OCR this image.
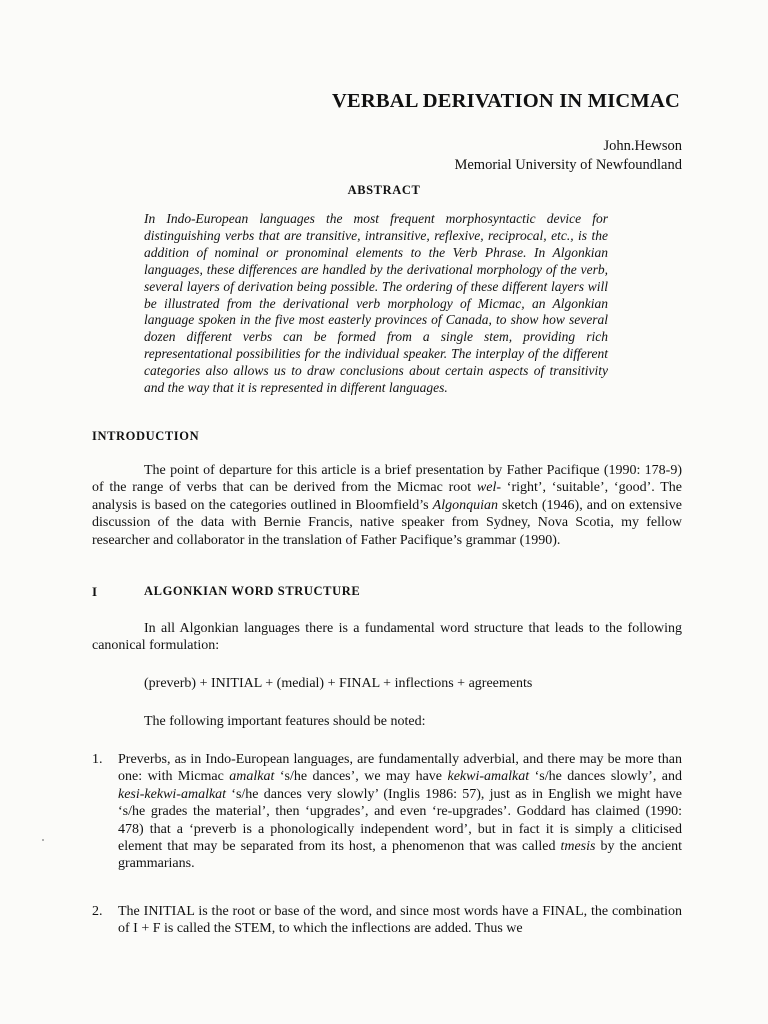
VERBAL DERIVATION IN MICMAC
John.Hewson
Memorial University of Newfoundland
ABSTRACT
In Indo-European languages the most frequent morphosyntactic device for distinguishing verbs that are transitive, intransitive, reflexive, reciprocal, etc., is the addition of nominal or pronominal elements to the Verb Phrase. In Algonkian languages, these differences are handled by the derivational morphology of the verb, several layers of derivation being possible. The ordering of these different layers will be illustrated from the derivational verb morphology of Micmac, an Algonkian language spoken in the five most easterly provinces of Canada, to show how several dozen different verbs can be formed from a single stem, providing rich representational possibilities for the individual speaker. The interplay of the different categories also allows us to draw conclusions about certain aspects of transitivity and the way that it is represented in different languages.
INTRODUCTION
The point of departure for this article is a brief presentation by Father Pacifique (1990: 178-9) of the range of verbs that can be derived from the Micmac root wel- ‘right’, ‘suitable’, ‘good’. The analysis is based on the categories outlined in Bloomfield’s Algonquian sketch (1946), and on extensive discussion of the data with Bernie Francis, native speaker from Sydney, Nova Scotia, my fellow researcher and collaborator in the translation of Father Pacifique’s grammar (1990).
I	ALGONKIAN WORD STRUCTURE
In all Algonkian languages there is a fundamental word structure that leads to the following canonical formulation:
(preverb) + INITIAL + (medial) + FINAL + inflections + agreements
The following important features should be noted:
1. Preverbs, as in Indo-European languages, are fundamentally adverbial, and there may be more than one: with Micmac amalkat ‘s/he dances’, we may have kekwi-amalkat ‘s/he dances slowly’, and kesi-kekwi-amalkat ‘s/he dances very slowly’ (Inglis 1986: 57), just as in English we might have ‘s/he grades the material’, then ‘upgrades’, and even ‘re-upgrades’. Goddard has claimed (1990: 478) that a ‘preverb is a phonologically independent word’, but in fact it is simply a cliticised element that may be separated from its host, a phenomenon that was called tmesis by the ancient grammarians.
2. The INITIAL is the root or base of the word, and since most words have a FINAL, the combination of I + F is called the STEM, to which the inflections are added. Thus we
